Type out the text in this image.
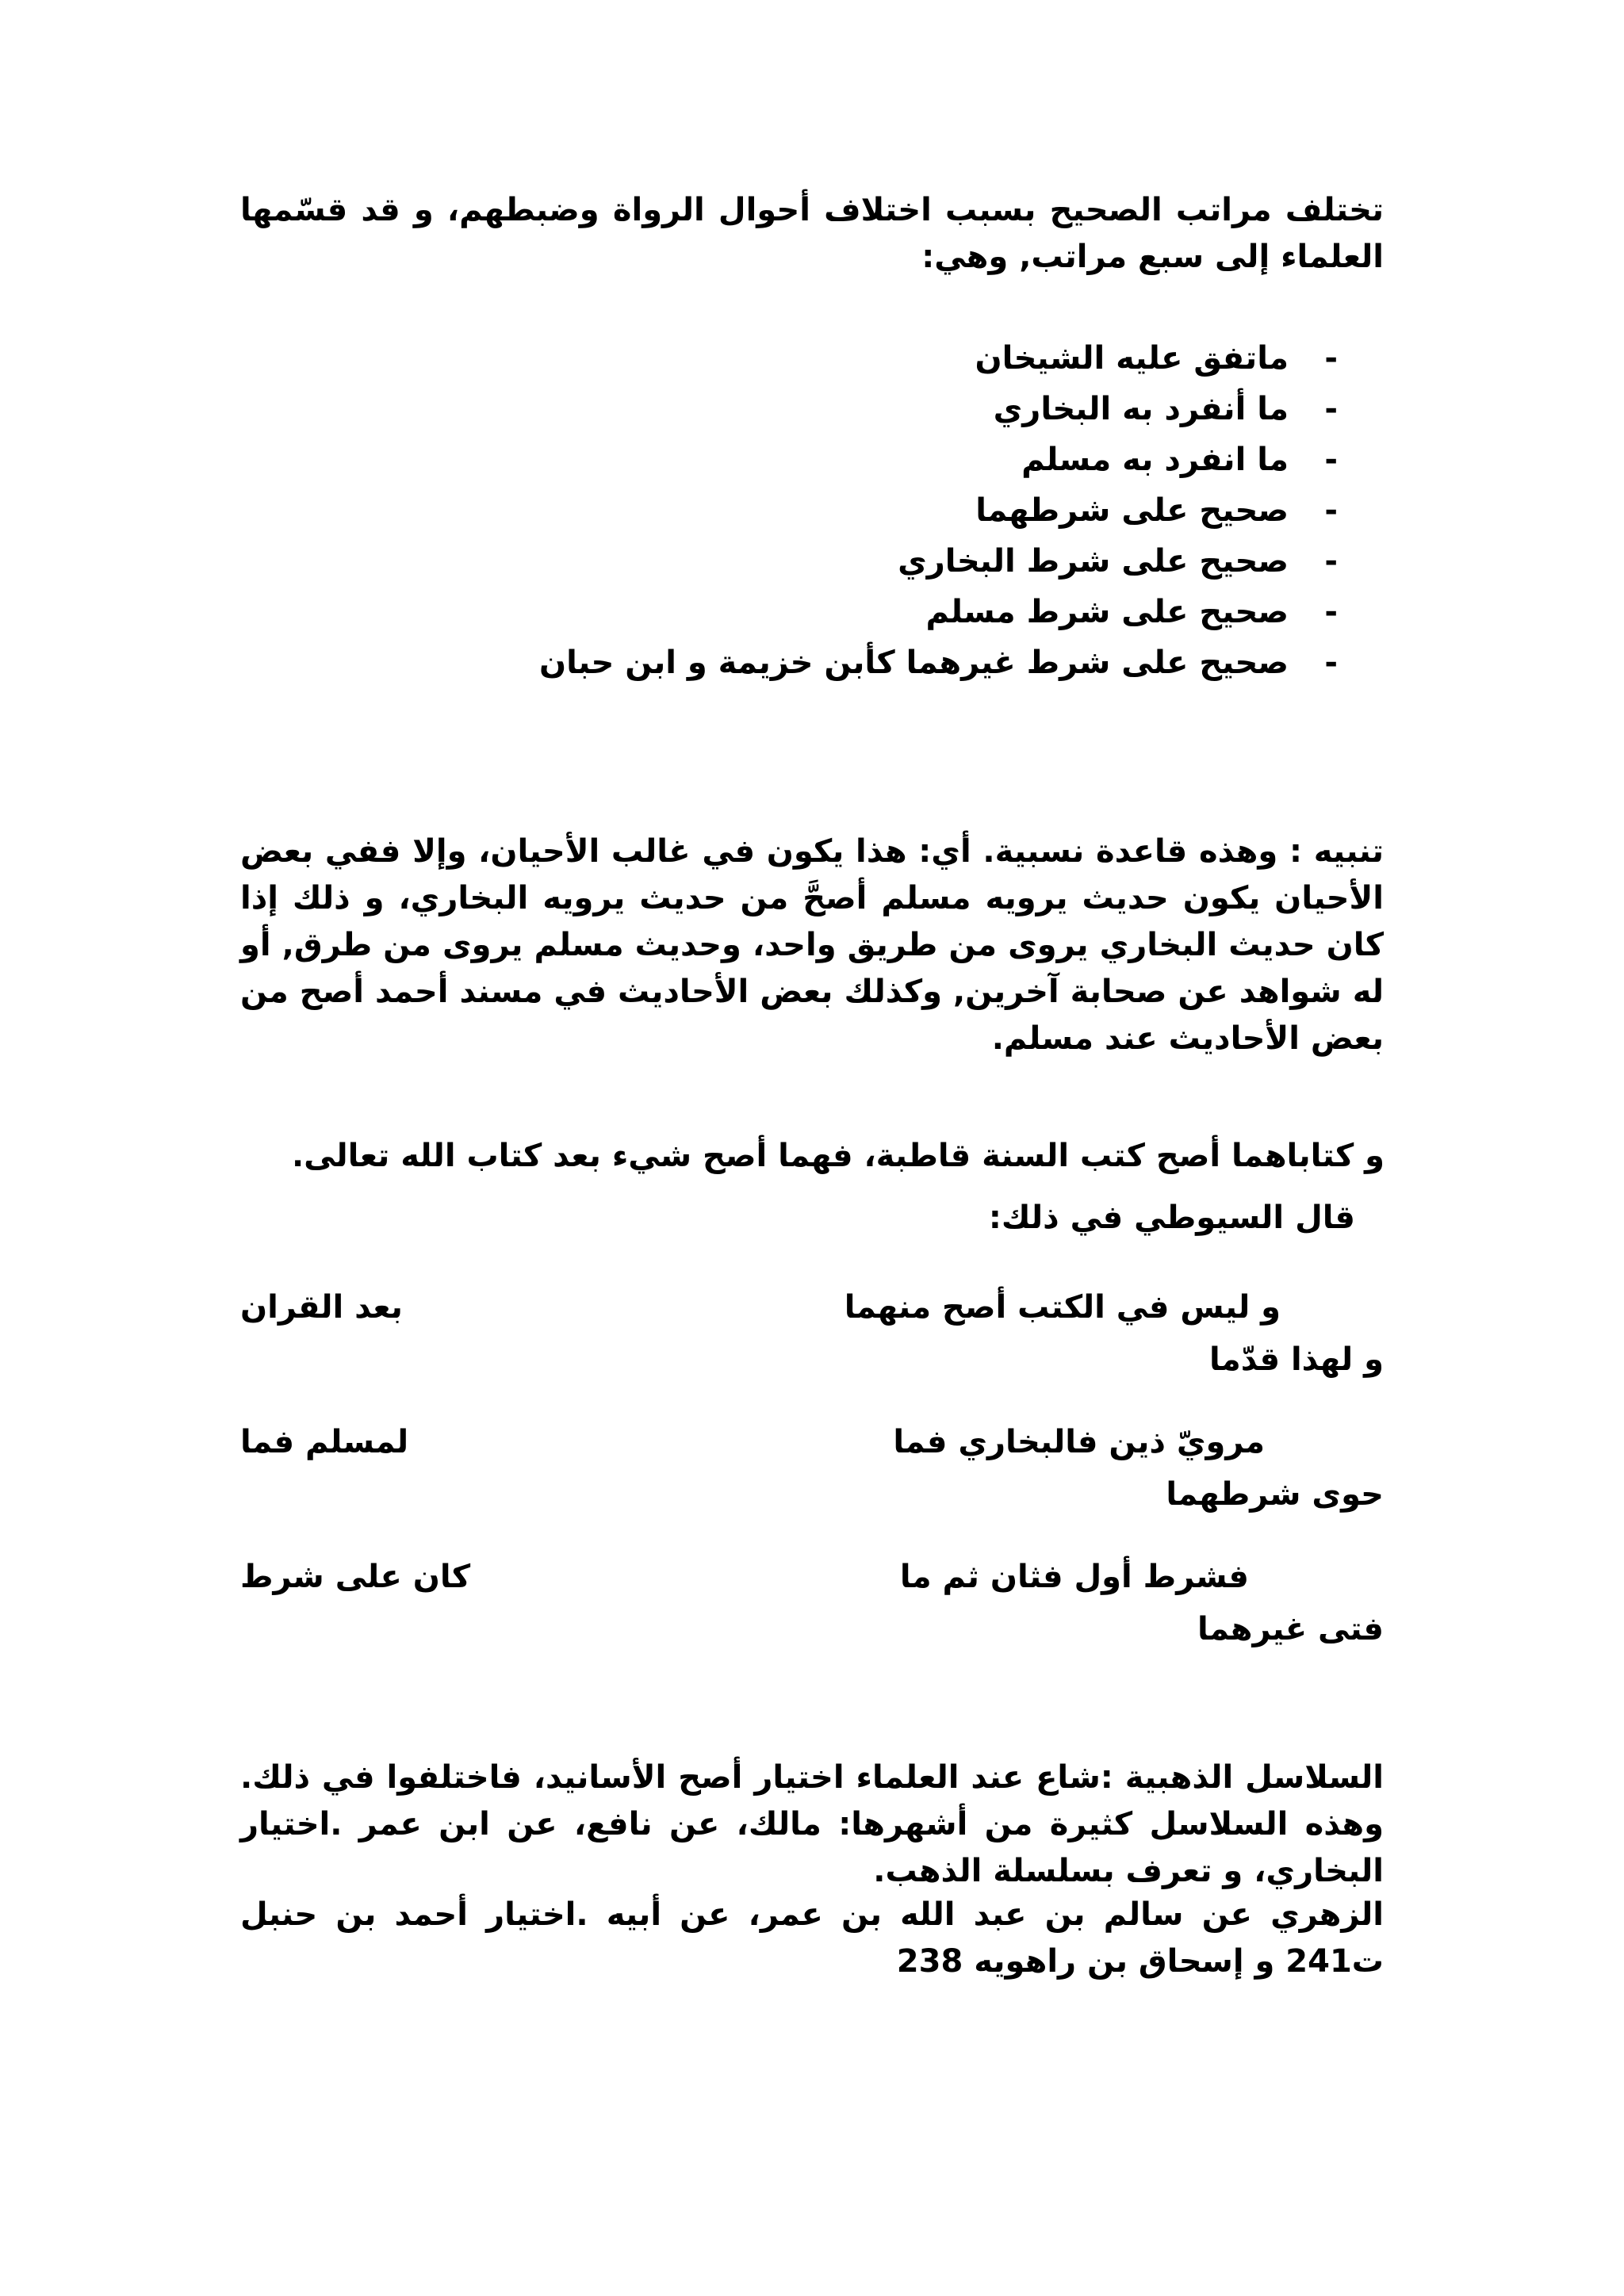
تختلف مراتب الصحيح بسبب اختلاف أحوال الرواة وضبطهم، و قد قسّمها العلماء إلى سبع مراتب, وهي:
-
ماتفق عليه الشيخان
-
ما أنفرد به البخاري
-
ما انفرد به مسلم
-
صحيح على شرطهما
-
صحيح على شرط البخاري
-
صحيح على شرط مسلم
-
صحيح على شرط غيرهما كأبن خزيمة و ابن حبان
تنبيه : وهذه قاعدة نسبية. أي: هذا يكون في غالب الأحيان، وإلا ففي بعض الأحيان يكون حديث يرويه مسلم أصحَّ من حديث يرويه البخاري، و ذلك إذا كان حديث البخاري يروى من طريق واحد، وحديث مسلم يروى من طرق, أو له شواهد عن صحابة آخرين, وكذلك بعض الأحاديث في مسند أحمد أصح من بعض الأحاديث عند مسلم.
و كتاباهما أصح كتب السنة قاطبة، فهما أصح شيء بعد كتاب الله تعالى.
قال السيوطي في ذلك:
و ليس في الكتب أصح منهما
بعد القران
و لهذا قدّما
مرويّ ذين فالبخاري فما
لمسلم فما
حوى شرطهما
فشرط أول فثان ثم ما
كان على شرط
فتى غيرهما
السلاسل الذهبية :شاع عند العلماء اختيار أصح الأسانيد، فاختلفوا في ذلك. وهذه السلاسل كثيرة من أشهرها: مالك، عن نافع، عن ابن عمر .اختيار البخاري، و تعرف بسلسلة الذهب.
الزهري عن سالم بن عبد الله بن عمر، عن أبيه .اختيار أحمد بن حنبل ت241 و إسحاق بن راهويه 238
